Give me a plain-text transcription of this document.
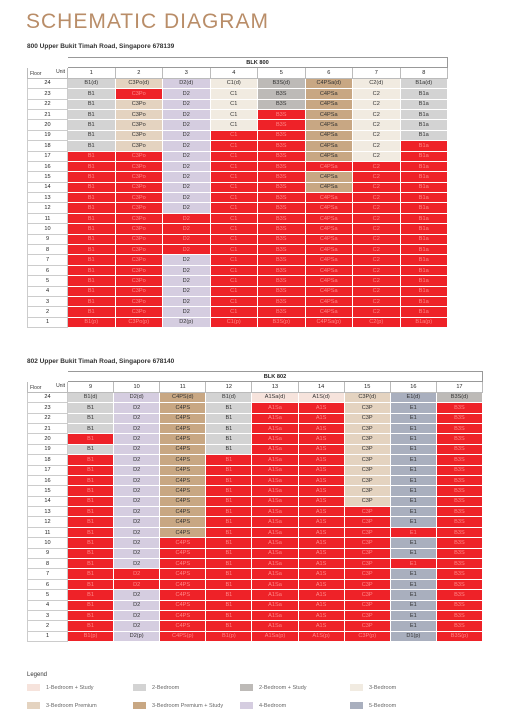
SCHEMATIC DIAGRAM
800 Upper Bukit Timah Road, Singapore 678139
	BLK 800							

Floor Unit	1	2	3	4	5	6	7	8
24	B1(d)	C3Po(d)	D2(d)	C1(d)	B3S(d)	C4PSa(d)	C2(d)	B1a(d)
23	B1	C3Po	D2	C1	B3S	C4PSa	C2	B1a
22	B1	C3Po	D2	C1	B3S	C4PSa	C2	B1a
21	B1	C3Po	D2	C1	B3S	C4PSa	C2	B1a
20	B1	C3Po	D2	C1	B3S	C4PSa	C2	B1a
19	B1	C3Po	D2	C1	B3S	C4PSa	C2	B1a
18	B1	C3Po	D2	C1	B3S	C4PSa	C2	B1a
17	B1	C3Po	D2	C1	B3S	C4PSa	C2	B1a
16	B1	C3Po	D2	C1	B3S	C4PSa	C2	B1a
15	B1	C3Po	D2	C1	B3S	C4PSa	C2	B1a
14	B1	C3Po	D2	C1	B3S	C4PSa	C2	B1a
13	B1	C3Po	D2	C1	B3S	C4PSa	C2	B1a
12	B1	C3Po	D2	C1	B3S	C4PSa	C2	B1a
11	B1	C3Po	D2	C1	B3S	C4PSa	C2	B1a
10	B1	C3Po	D2	C1	B3S	C4PSa	C2	B1a
9	B1	C3Po	D2	C1	B3S	C4PSa	C2	B1a
8	B1	C3Po	D2	C1	B3S	C4PSa	C2	B1a
7	B1	C3Po	D2	C1	B3S	C4PSa	C2	B1a
6	B1	C3Po	D2	C1	B3S	C4PSa	C2	B1a
5	B1	C3Po	D2	C1	B3S	C4PSa	C2	B1a
4	B1	C3Po	D2	C1	B3S	C4PSa	C2	B1a
3	B1	C3Po	D2	C1	B3S	C4PSa	C2	B1a
2	B1	C3Po	D2	C1	B3S	C4PSa	C2	B1a
1	B1(p)	C3Po(p)	D2(p)	C1(p)	B3S(p)	C4PSa(p)	C2(p)	B1a(p)
802 Upper Bukit Timah Road, Singapore 678140
	BLK 802								

Floor Unit	9	10	11	12	13	14	15	16	17
24	B1(d)	D2(d)	C4PS(d)	B1(d)	A1Sa(d)	A1S(d)	C3P(d)	E1(d)	B3S(d)
23	B1	D2	C4PS	B1	A1Sa	A1S	C3P	E1	B3S
22	B1	D2	C4PS	B1	A1Sa	A1S	C3P	E1	B3S
21	B1	D2	C4PS	B1	A1Sa	A1S	C3P	E1	B3S
20	B1	D2	C4PS	B1	A1Sa	A1S	C3P	E1	B3S
19	B1	D2	C4PS	B1	A1Sa	A1S	C3P	E1	B3S
18	B1	D2	C4PS	B1	A1Sa	A1S	C3P	E1	B3S
17	B1	D2	C4PS	B1	A1Sa	A1S	C3P	E1	B3S
16	B1	D2	C4PS	B1	A1Sa	A1S	C3P	E1	B3S
15	B1	D2	C4PS	B1	A1Sa	A1S	C3P	E1	B3S
14	B1	D2	C4PS	B1	A1Sa	A1S	C3P	E1	B3S
13	B1	D2	C4PS	B1	A1Sa	A1S	C3P	E1	B3S
12	B1	D2	C4PS	B1	A1Sa	A1S	C3P	E1	B3S
11	B1	D2	C4PS	B1	A1Sa	A1S	C3P	E1	B3S
10	B1	D2	C4PS	B1	A1Sa	A1S	C3P	E1	B3S
9	B1	D2	C4PS	B1	A1Sa	A1S	C3P	E1	B3S
8	B1	D2	C4PS	B1	A1Sa	A1S	C3P	E1	B3S
7	B1	D2	C4PS	B1	A1Sa	A1S	C3P	E1	B3S
6	B1	D2	C4PS	B1	A1Sa	A1S	C3P	E1	B3S
5	B1	D2	C4PS	B1	A1Sa	A1S	C3P	E1	B3S
4	B1	D2	C4PS	B1	A1Sa	A1S	C3P	E1	B3S
3	B1	D2	C4PS	B1	A1Sa	A1S	C3P	E1	B3S
2	B1	D2	C4PS	B1	A1Sa	A1S	C3P	E1	B3S
1	B1(p)	D2(p)	C4PS(p)	B1(p)	A1Sa(p)	A1S(p)	C3P(p)	D1(p)	B3S(p)
Legend
1-Bedroom + Study	2-Bedroom	2-Bedroom + Study	3-Bedroom
3-Bedroom Premium	3-Bedroom Premium + Study	4-Bedroom	5-Bedroom
